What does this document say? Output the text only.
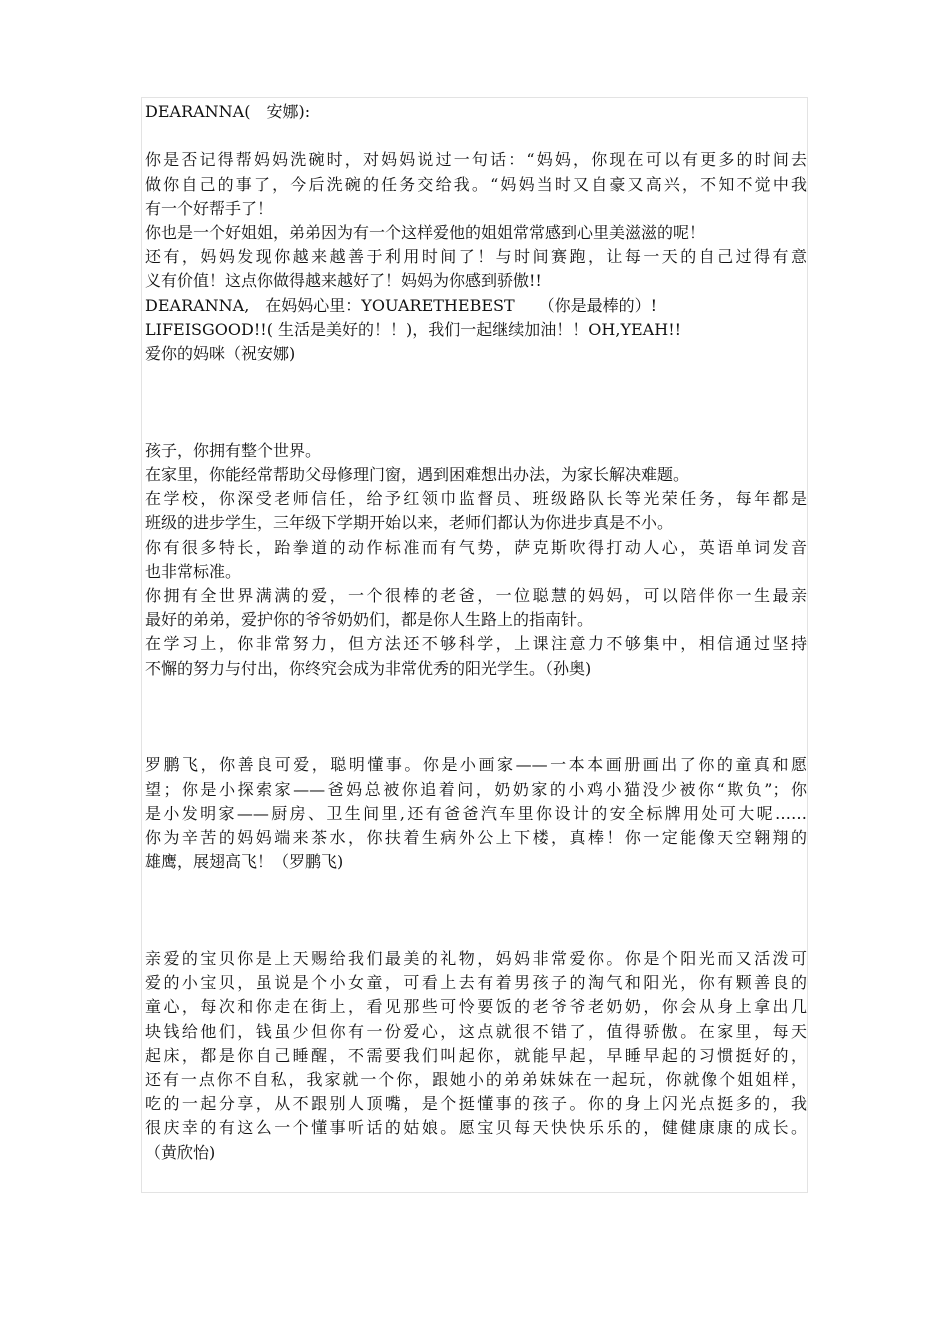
DEARANNA(　安娜):
你是否记得帮妈妈洗碗时，对妈妈说过一句话：“妈妈，你现在可以有更多的时间去
做你自己的事了，今后洗碗的任务交给我。“妈妈当时又自豪又高兴，不知不觉中我
有一个好帮手了！
你也是一个好姐姐，弟弟因为有一个这样爱他的姐姐常常感到心里美滋滋的呢！
还有，妈妈发现你越来越善于利用时间了！与时间赛跑，让每一天的自己过得有意
义有价值！这点你做得越来越好了！妈妈为你感到骄傲!!
DEARANNA,　在妈妈心里：YOUARETHEBEST　　（你是最棒的）!
LIFEISGOOD!!( 生活是美好的！！)，我们一起继续加油！！OH,YEAH!!
爱你的妈咪（祝安娜)
孩子，你拥有整个世界。
在家里，你能经常帮助父母修理门窗，遇到困难想出办法，为家长解决难题。
在学校，你深受老师信任，给予红领巾监督员、班级路队长等光荣任务，每年都是
班级的进步学生，三年级下学期开始以来，老师们都认为你进步真是不小。
你有很多特长，跆拳道的动作标准而有气势，萨克斯吹得打动人心，英语单词发音
也非常标准。
你拥有全世界满满的爱，一个很棒的老爸，一位聪慧的妈妈，可以陪伴你一生最亲
最好的弟弟，爱护你的爷爷奶奶们，都是你人生路上的指南针。
在学习上，你非常努力，但方法还不够科学，上课注意力不够集中，相信通过坚持
不懈的努力与付出，你终究会成为非常优秀的阳光学生。（孙奥)
罗鹏飞，你善良可爱，聪明懂事。你是小画家——一本本画册画出了你的童真和愿
望；你是小探索家——爸妈总被你追着问，奶奶家的小鸡小猫没少被你“欺负”；你
是小发明家——厨房、卫生间里,还有爸爸汽车里你设计的安全标牌用处可大呢……
你为辛苦的妈妈端来茶水，你扶着生病外公上下楼，真棒！你一定能像天空翱翔的
雄鹰，展翅高飞！（罗鹏飞)
亲爱的宝贝你是上天赐给我们最美的礼物，妈妈非常爱你。你是个阳光而又活泼可
爱的小宝贝，虽说是个小女童，可看上去有着男孩子的淘气和阳光，你有颗善良的
童心，每次和你走在街上，看见那些可怜要饭的老爷爷老奶奶，你会从身上拿出几
块钱给他们，钱虽少但你有一份爱心，这点就很不错了，值得骄傲。在家里，每天
起床，都是你自己睡醒，不需要我们叫起你，就能早起，早睡早起的习惯挺好的，
还有一点你不自私，我家就一个你，跟她小的弟弟妹妹在一起玩，你就像个姐姐样，
吃的一起分享，从不跟别人顶嘴，是个挺懂事的孩子。你的身上闪光点挺多的，我
很庆幸的有这么一个懂事听话的姑娘。愿宝贝每天快快乐乐的，健健康康的成长。
（黄欣怡)
